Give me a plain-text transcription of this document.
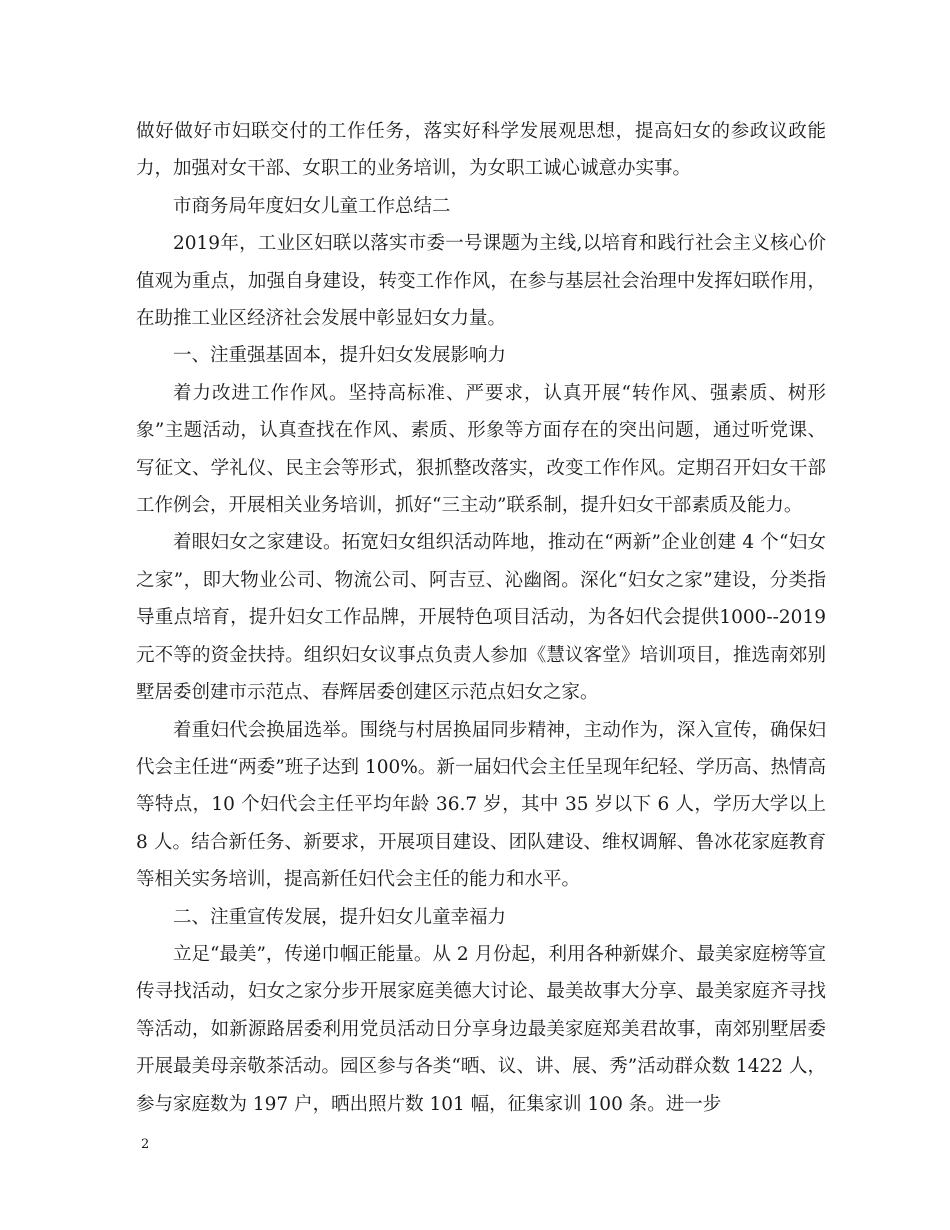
做好做好市妇联交付的工作任务，落实好科学发展观思想，提高妇女的参政议政能力，加强对女干部、女职工的业务培训，为女职工诚心诚意办实事。

市商务局年度妇女儿童工作总结二

2019年，工业区妇联以落实市委一号课题为主线,以培育和践行社会主义核心价值观为重点，加强自身建设，转变工作作风，在参与基层社会治理中发挥妇联作用，在助推工业区经济社会发展中彰显妇女力量。

一、注重强基固本，提升妇女发展影响力

着力改进工作作风。坚持高标准、严要求，认真开展“转作风、强素质、树形象”主题活动，认真查找在作风、素质、形象等方面存在的突出问题，通过听党课、写征文、学礼仪、民主会等形式，狠抓整改落实，改变工作作风。定期召开妇女干部工作例会，开展相关业务培训，抓好“三主动”联系制，提升妇女干部素质及能力。

着眼妇女之家建设。拓宽妇女组织活动阵地，推动在“两新”企业创建 4 个“妇女之家”，即大物业公司、物流公司、阿吉豆、沁幽阁。深化“妇女之家”建设，分类指导重点培育，提升妇女工作品牌，开展特色项目活动，为各妇代会提供1000--2019 元不等的资金扶持。组织妇女议事点负责人参加《慧议客堂》培训项目，推选南郊别墅居委创建市示范点、春辉居委创建区示范点妇女之家。

着重妇代会换届选举。围绕与村居换届同步精神，主动作为，深入宣传，确保妇代会主任进“两委”班子达到 100%。新一届妇代会主任呈现年纪轻、学历高、热情高等特点，10 个妇代会主任平均年龄 36.7 岁，其中 35 岁以下 6 人，学历大学以上 8 人。结合新任务、新要求，开展项目建设、团队建设、维权调解、鲁冰花家庭教育等相关实务培训，提高新任妇代会主任的能力和水平。

二、注重宣传发展，提升妇女儿童幸福力

立足“最美”，传递巾帼正能量。从 2 月份起，利用各种新媒介、最美家庭榜等宣传寻找活动，妇女之家分步开展家庭美德大讨论、最美故事大分享、最美家庭齐寻找等活动，如新源路居委利用党员活动日分享身边最美家庭郑美君故事，南郊别墅居委开展最美母亲敬茶活动。园区参与各类“晒、议、讲、展、秀”活动群众数 1422 人，参与家庭数为 197 户，晒出照片数 101 幅，征集家训 100 条。进一步

2
